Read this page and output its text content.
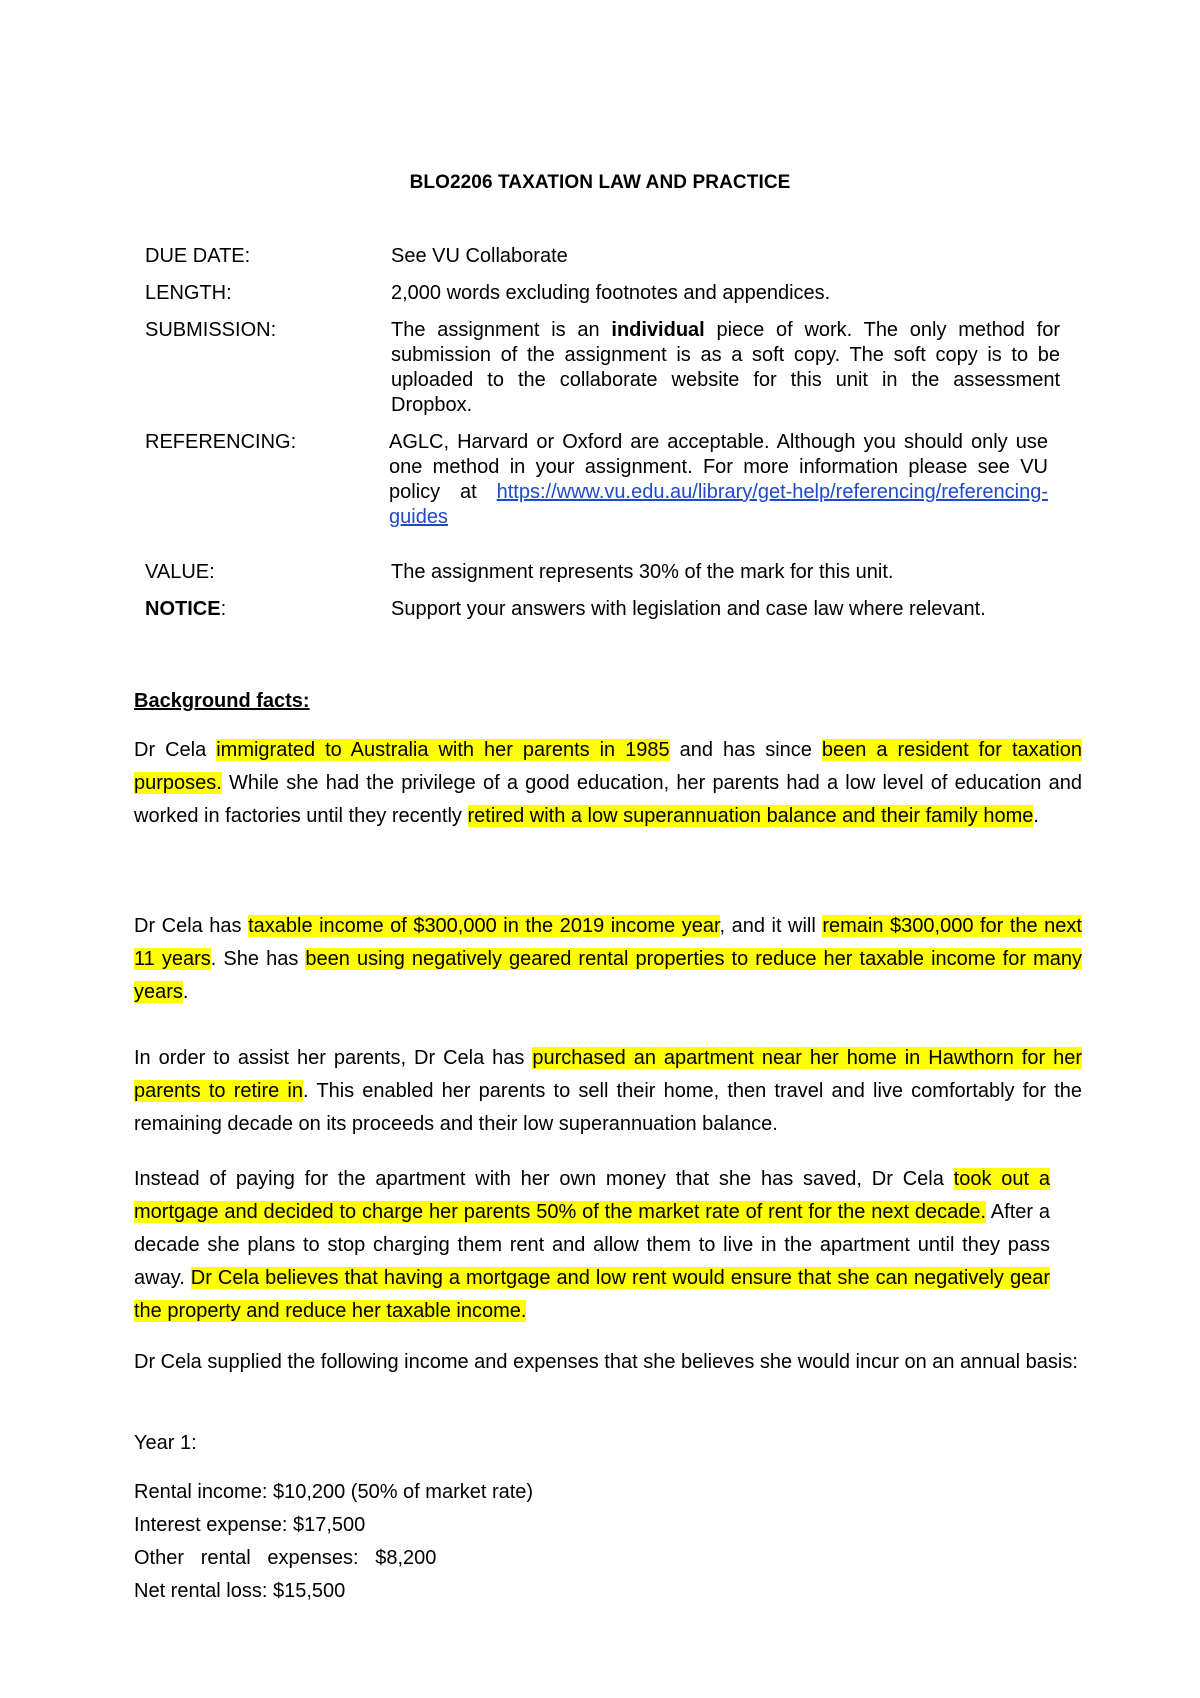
BLO2206 TAXATION LAW AND PRACTICE
DUE DATE:	See VU Collaborate
LENGTH:	2,000 words excluding footnotes and appendices.
SUBMISSION:	The assignment is an individual piece of work. The only method for submission of the assignment is as a soft copy. The soft copy is to be uploaded to the collaborate website for this unit in the assessment Dropbox.
REFERENCING:	AGLC, Harvard or Oxford are acceptable. Although you should only use one method in your assignment. For more information please see VU policy at https://www.vu.edu.au/library/get-help/referencing/referencing-guides
VALUE:	The assignment represents 30% of the mark for this unit.
NOTICE:	Support your answers with legislation and case law where relevant.
Background facts:

Dr Cela immigrated to Australia with her parents in 1985 and has since been a resident for taxation purposes. While she had the privilege of a good education, her parents had a low level of education and worked in factories until they recently retired with a low superannuation balance and their family home.

Dr Cela has taxable income of $300,000 in the 2019 income year, and it will remain $300,000 for the next 11 years. She has been using negatively geared rental properties to reduce her taxable income for many years.

In order to assist her parents, Dr Cela has purchased an apartment near her home in Hawthorn for her parents to retire in. This enabled her parents to sell their home, then travel and live comfortably for the remaining decade on its proceeds and their low superannuation balance.

Instead of paying for the apartment with her own money that she has saved, Dr Cela took out a mortgage and decided to charge her parents 50% of the market rate of rent for the next decade. After a decade she plans to stop charging them rent and allow them to live in the apartment until they pass away. Dr Cela believes that having a mortgage and low rent would ensure that she can negatively gear the property and reduce her taxable income.

Dr Cela supplied the following income and expenses that she believes she would incur on an annual basis:

Year 1:

Rental income: $10,200 (50% of market rate)
Interest expense: $17,500
Other   rental   expenses:   $8,200
Net rental loss: $15,500
